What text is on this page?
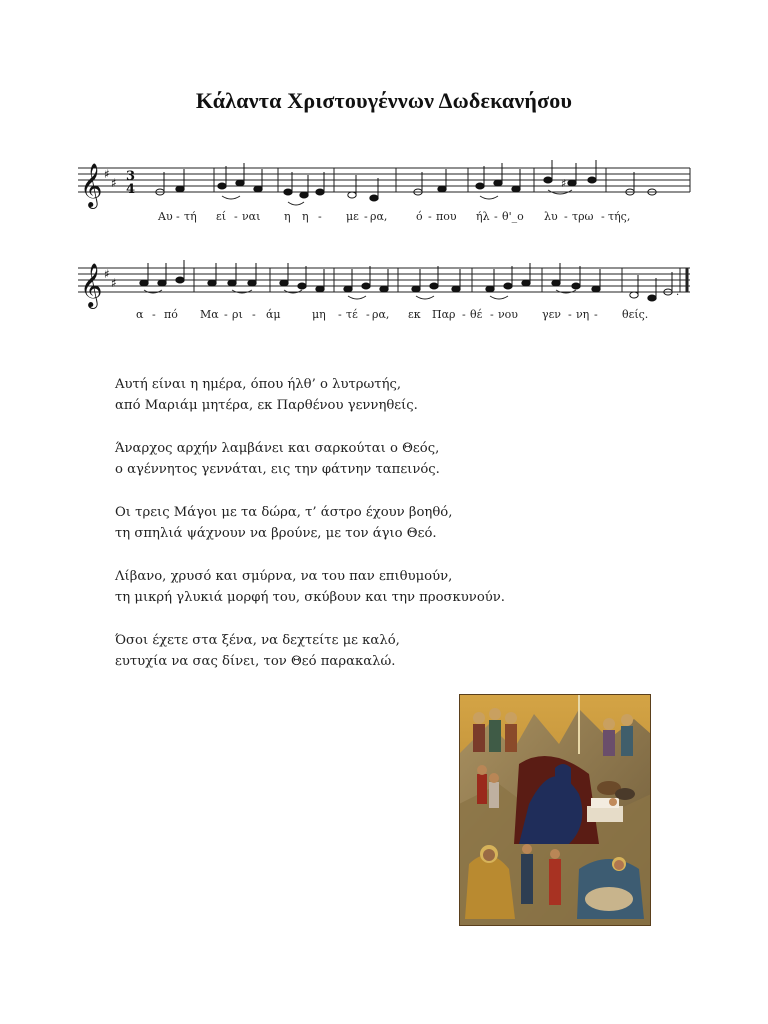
Κάλαντα Χριστουγέννων Δωδεκανήσου
𝄞 ♯
♯ 3
4	♯
Αυ - τή εί - ναι η η - με - ρα,	ό - που ήλ - θ'_ο λυ - τρω - τής,
𝄞 ♯
♯
.
α - πό Μα - ρι - άμ	μη - τέ - ρα, εκ Παρ - θέ - νου γεν - νη - θείς.
Αυτή είναι η ημέρα, όπου ήλθ’ ο λυτρωτής,
από Μαριάμ μητέρα, εκ Παρθένου γεννηθείς.
Άναρχος αρχήν λαμβάνει και σαρκούται ο Θεός,
ο αγέννητος γεννάται, εις την φάτνην ταπεινός.
Οι τρεις Μάγοι με τα δώρα, τ’ άστρο έχουν βοηθό,
τη σπηλιά ψάχνουν να βρούνε, με τον άγιο Θεό.
Λίβανο, χρυσό και σμύρνα, να του παν επιθυμούν,
τη μικρή γλυκιά μορφή του, σκύβουν και την προσκυνούν.
Όσοι έχετε στα ξένα, να δεχτείτε με καλό,
ευτυχία να σας δίνει, τον Θεό παρακαλώ.
